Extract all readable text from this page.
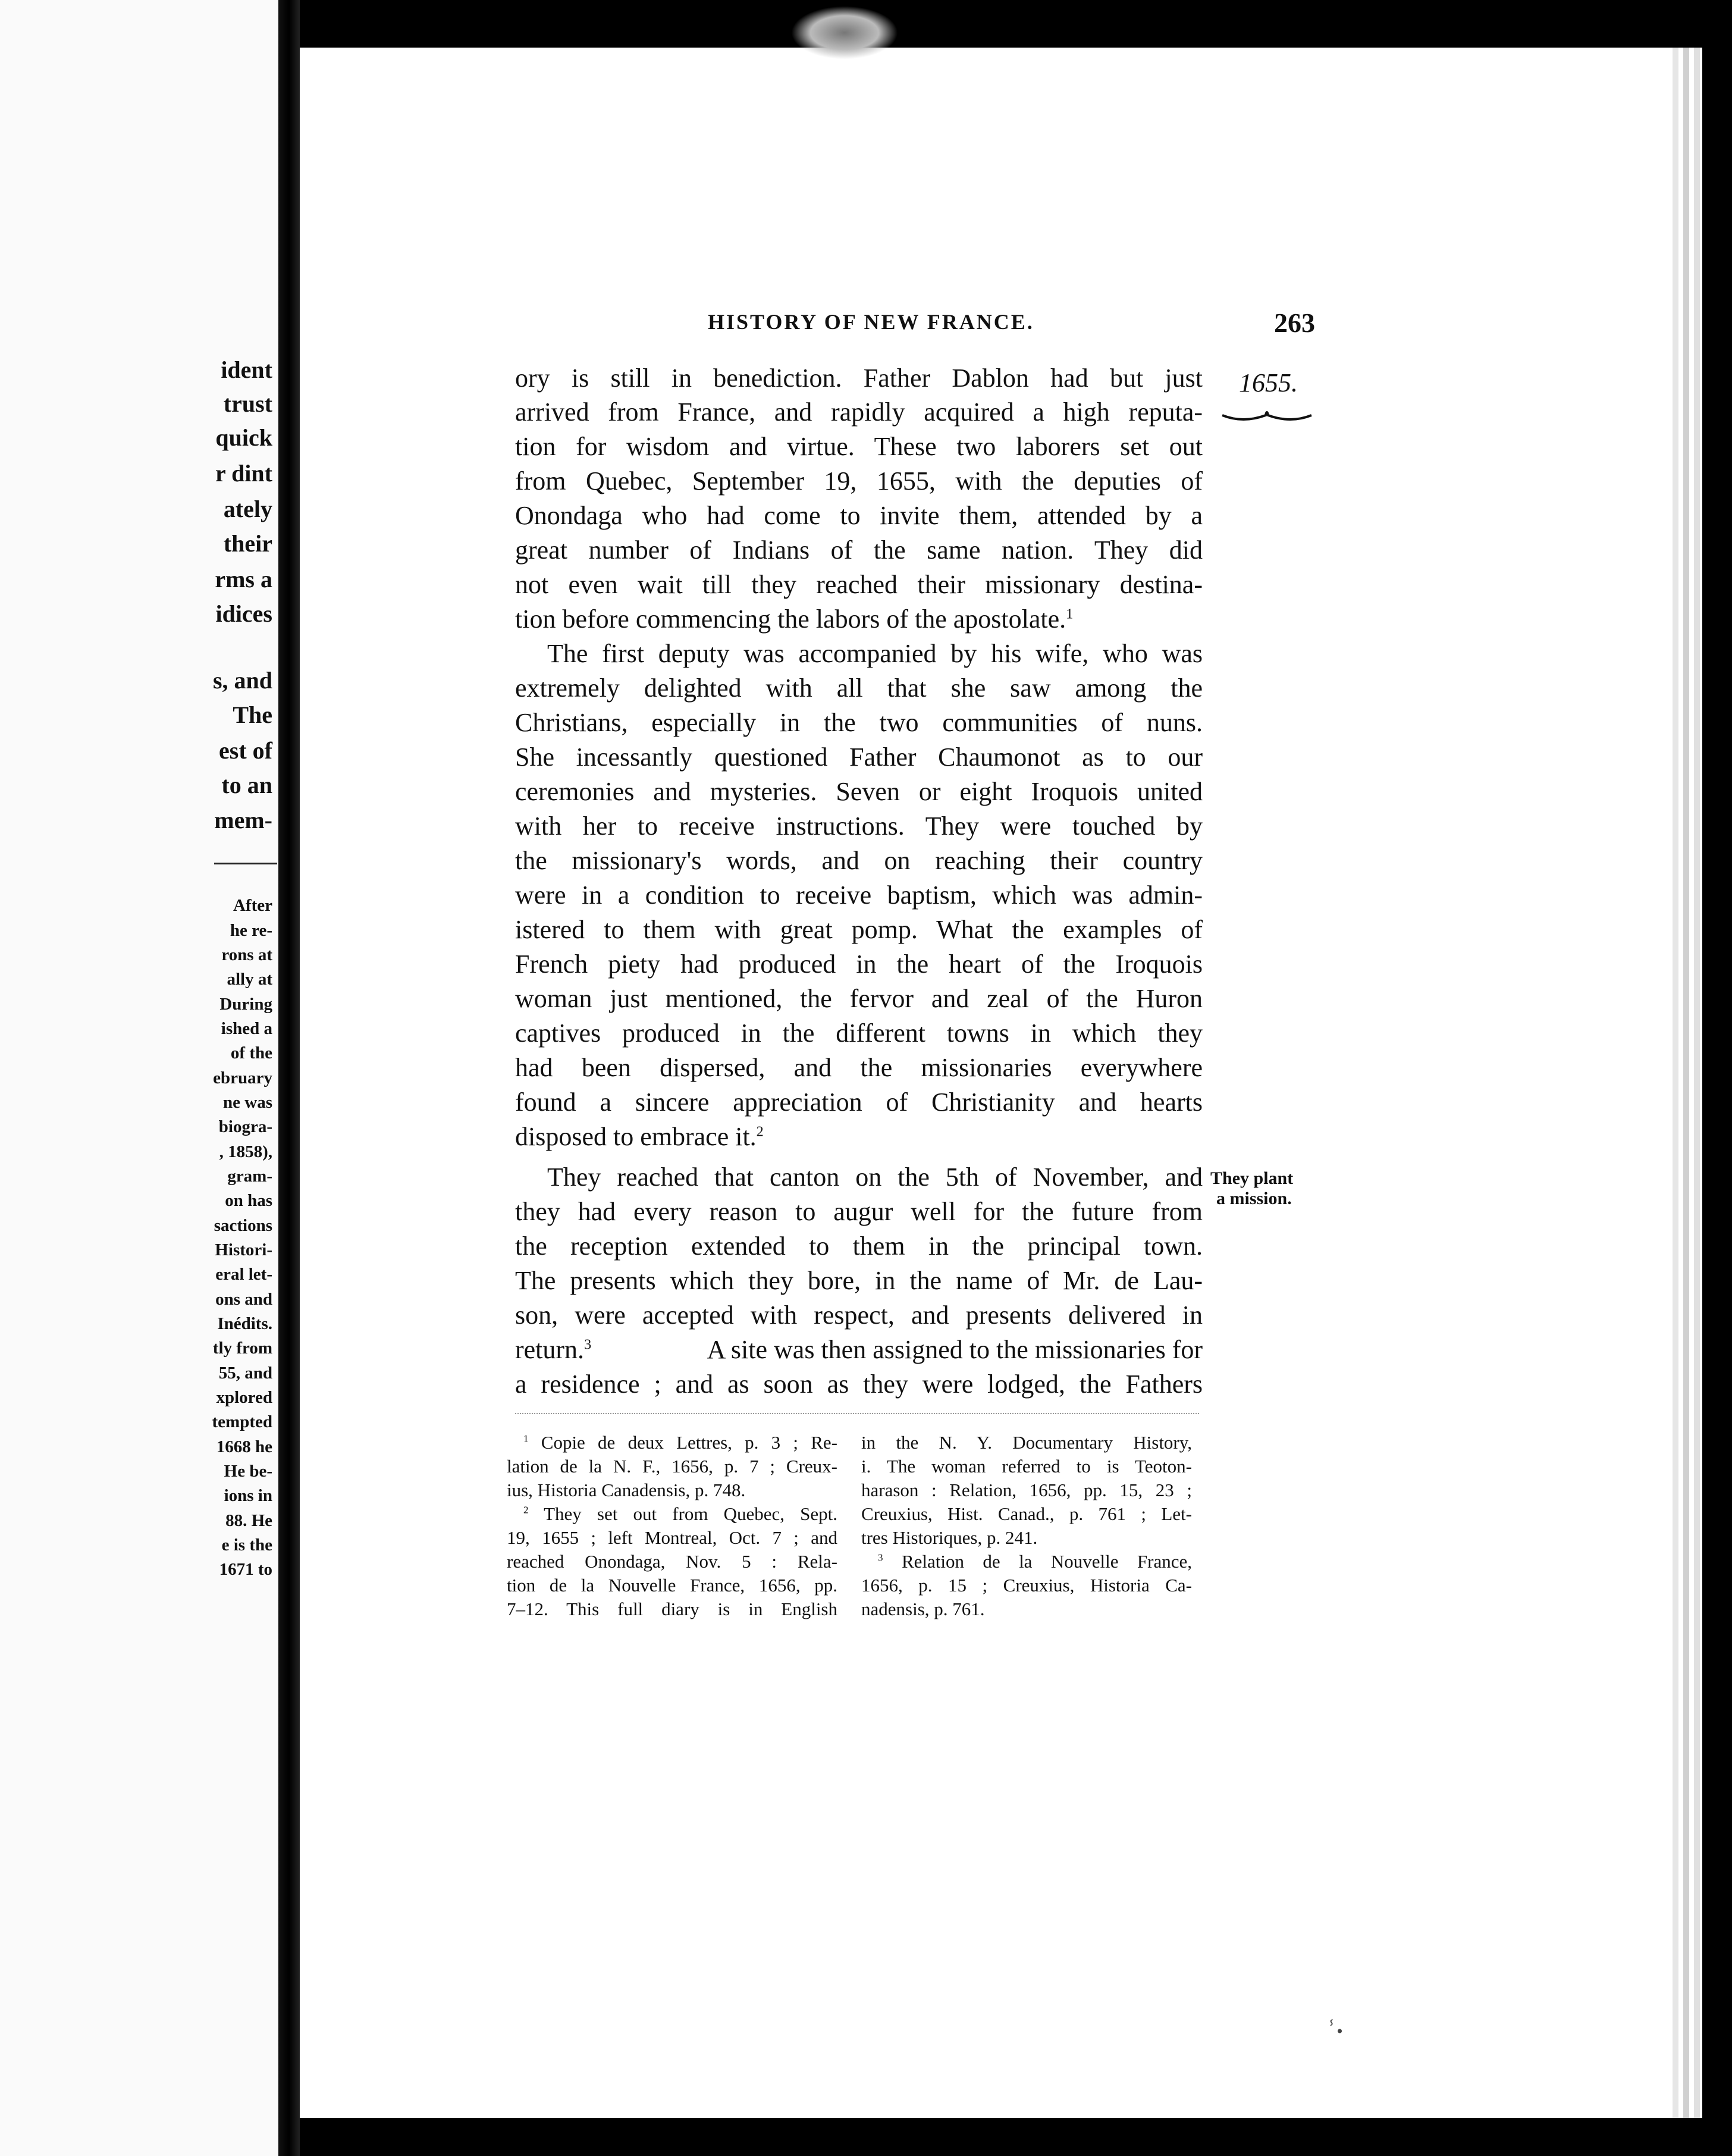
ident
trust
quick
r dint
ately
their
rms a
idices
s, and
The
est of
to an
mem-
After
he re-
rons at
ally at
During
ished a
of the
ebruary
ne was
biogra-
, 1858),
gram-
on has
sactions
Histori-
eral let-
ons and
Inédits.
tly from
55, and
xplored
tempted
1668 he
He be-
ions in
88. He
e is the
1671 to
HISTORY OF NEW FRANCE.	263
1655.
ory is still in benediction. Father Dablon had but just
arrived from France, and rapidly acquired a high reputa-
tion for wisdom and virtue. These two laborers set out
from Quebec, September 19, 1655, with the deputies of
Onondaga who had come to invite them, attended by a
great number of Indians of the same nation. They did
not even wait till they reached their missionary destina-
tion before commencing the labors of the apostolate.$^1$
The first deputy was accompanied by his wife, who was
extremely delighted with all that she saw among the
Christians, especially in the two communities of nuns.
She incessantly questioned Father Chaumonot as to our
ceremonies and mysteries. Seven or eight Iroquois united
with her to receive instructions. They were touched by
the missionary's words, and on reaching their country
were in a condition to receive baptism, which was admin-
istered to them with great pomp. What the examples of
French piety had produced in the heart of the Iroquois
woman just mentioned, the fervor and zeal of the Huron
captives produced in the different towns in which they
had been dispersed, and the missionaries everywhere
found a sincere appreciation of Christianity and hearts
disposed to embrace it.$^2$
They plant
a mission.
They reached that canton on the 5th of November, and
they had every reason to augur well for the future from
the reception extended to them in the principal town.
The presents which they bore, in the name of Mr. de Lau-
son, were accepted with respect, and presents delivered in
return.$^3$	A site was then assigned to the missionaries for
a residence ; and as soon as they were lodged, the Fathers
$^1$ Copie de deux Lettres, p. 3 ; Re-
lation de la N. F., 1656, p. 7 ; Creux-
ius, Historia Canadensis, p. 748.
$^2$ They set out from Quebec, Sept.
19, 1655 ; left Montreal, Oct. 7 ; and
reached Onondaga, Nov. 5 : Rela-
tion de la Nouvelle France, 1656, pp.
7–12. This full diary is in English
in the N. Y. Documentary History,
i. The woman referred to is Teoton-
harason : Relation, 1656, pp. 15, 23 ;
Creuxius, Hist. Canad., p. 761 ; Let-
tres Historiques, p. 241.
$^3$ Relation de la Nouvelle France,
1656, p. 15 ; Creuxius, Historia Ca-
nadensis, p. 761.
ⸯ•
